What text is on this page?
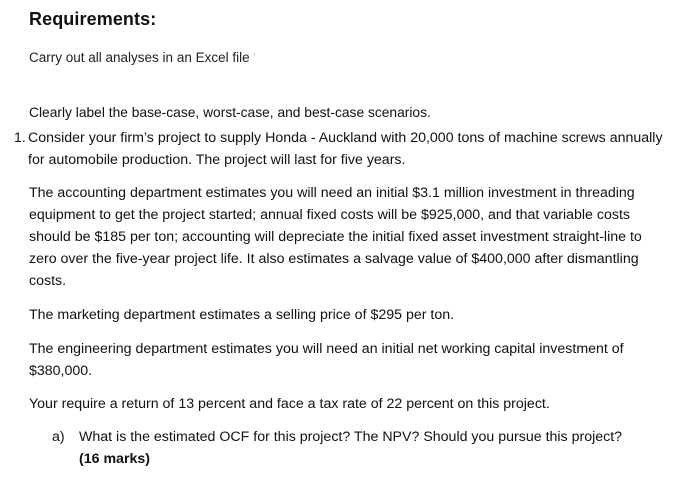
Requirements:

Carry out all analyses in an Excel file '

Clearly label the base-case, worst-case, and best-case scenarios.

1. Consider your firm’s project to supply Honda - Auckland with 20,000 tons of machine screws annually for automobile production. The project will last for five years.

The accounting department estimates you will need an initial $3.1 million investment in threading equipment to get the project started; annual fixed costs will be $925,000, and that variable costs should be $185 per ton; accounting will depreciate the initial fixed asset investment straight-line to zero over the five-year project life. It also estimates a salvage value of $400,000 after dismantling costs.

The marketing department estimates a selling price of $295 per ton.

The engineering department estimates you will need an initial net working capital investment of $380,000.

Your require a return of 13 percent and face a tax rate of 22 percent on this project.

a) What is the estimated OCF for this project? The NPV? Should you pursue this project? (16 marks)
